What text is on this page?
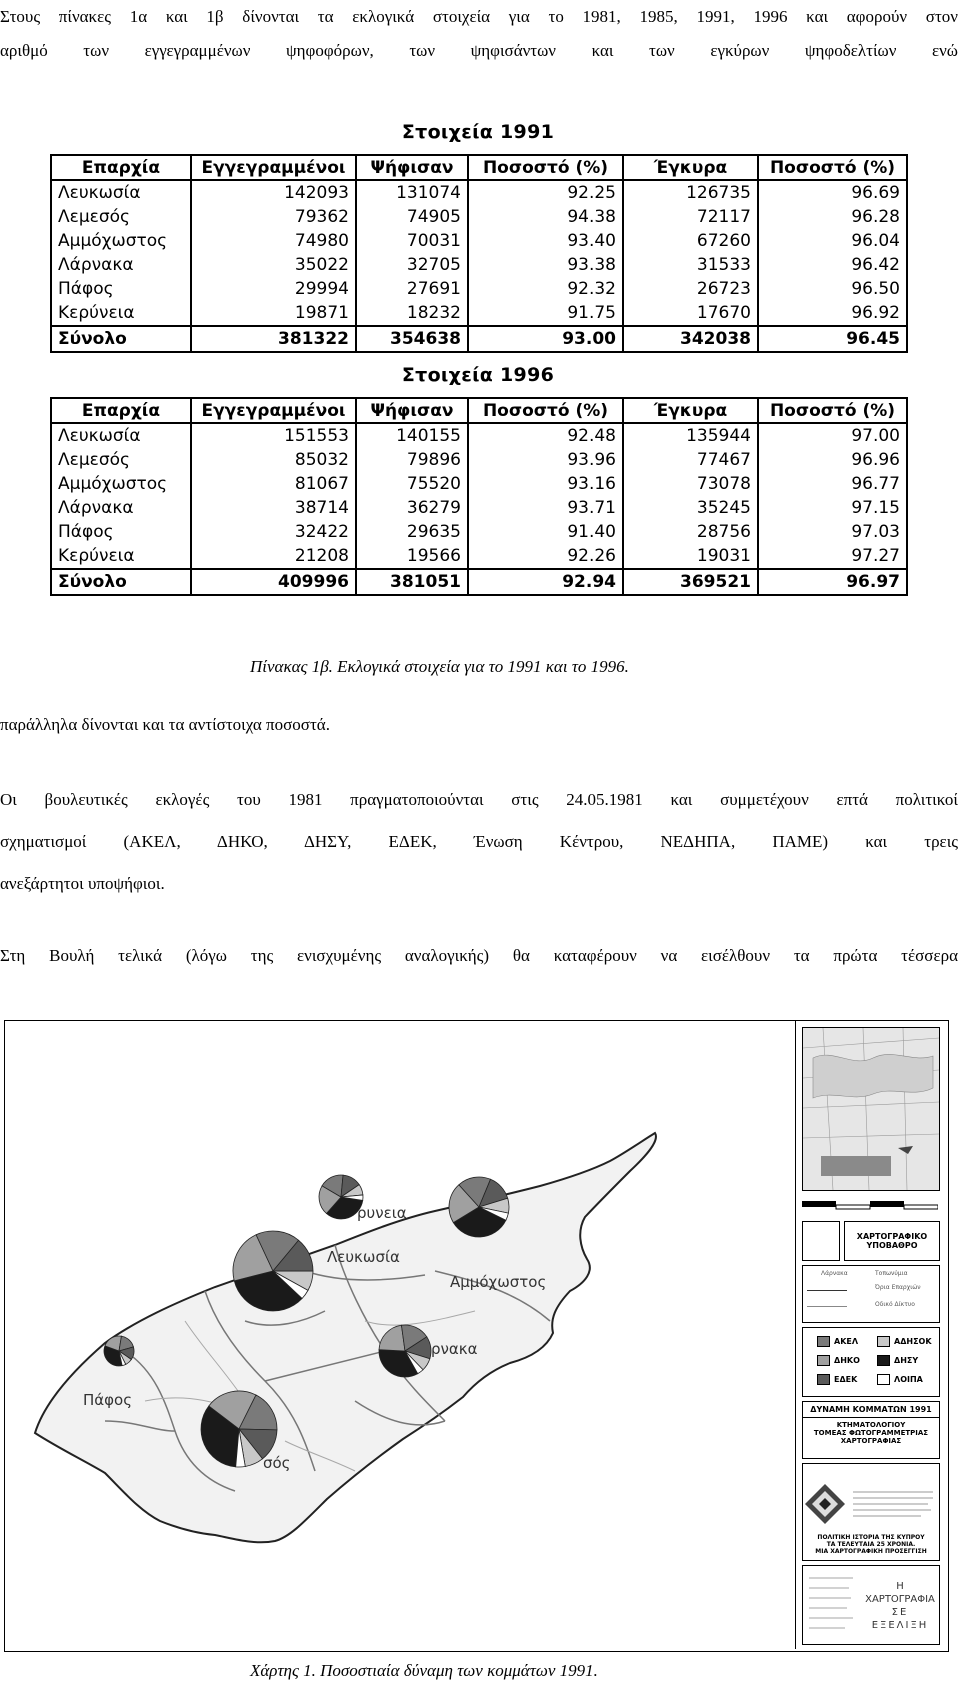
Στους πίνακες 1α και 1β δίνονται τα εκλογικά στοιχεία για το 1981, 1985, 1991, 1996 και αφορούν στον

αριθμό των εγγεγραμμένων ψηφοφόρων, των ψηφισάντων και των εγκύρων ψηφοδελτίων ενώ

Στοιχεία 1991
Επαρχία	Εγγεγραμμένοι	Ψήφισαν	Ποσοστό (%)	Έγκυρα	Ποσοστό (%)
Λευκωσία	142093	131074	92.25	126735	96.69
Λεμεσός	79362	74905	94.38	72117	96.28
Αμμόχωστος	74980	70031	93.40	67260	96.04
Λάρνακα	35022	32705	93.38	31533	96.42
Πάφος	29994	27691	92.32	26723	96.50
Κερύνεια	19871	18232	91.75	17670	96.92
Σύνολο	381322	354638	93.00	342038	96.45
Στοιχεία 1996
Επαρχία	Εγγεγραμμένοι	Ψήφισαν	Ποσοστό (%)	Έγκυρα	Ποσοστό (%)
Λευκωσία	151553	140155	92.48	135944	97.00
Λεμεσός	85032	79896	93.96	77467	96.96
Αμμόχωστος	81067	75520	93.16	73078	96.77
Λάρνακα	38714	36279	93.71	35245	97.15
Πάφος	32422	29635	91.40	28756	97.03
Κερύνεια	21208	19566	92.26	19031	97.27
Σύνολο	409996	381051	92.94	369521	96.97
Πίνακας 1β. Εκλογικά στοιχεία για το 1991 και το 1996.

παράλληλα δίνονται και τα αντίστοιχα ποσοστά.

Οι βουλευτικές εκλογές του 1981 πραγματοποιούνται στις 24.05.1981 και συμμετέχουν επτά πολιτικοί

σχηματισμοί (ΑΚΕΛ, ΔΗΚΟ, ΔΗΣΥ, ΕΔΕΚ, Ένωση Κέντρου, ΝΕΔΗΠΑ, ΠΑΜΕ) και τρεις

ανεξάρτητοι υποψήφιοι.

Στη Βουλή τελικά (λόγω της ενισχυμένης αναλογικής) θα καταφέρουν να εισέλθουν τα πρώτα τέσσερα

ρυνεια
Λευκωσία
Αμμόχωστος
ρνακα
Πάφος
σός
ΧΑΡΤΟΓΡΑΦΙΚΟ ΥΠΟΒΑΘΡΟ
Λάρνακα	Τοπωνύμια
Όρια Επαρχιών
Οδικό Δίκτυο
ΑΚΕΛ	ΑΔΗΣΟΚ
ΔΗΚΟ	ΔΗΣΥ
ΕΔΕΚ	ΛΟΙΠΑ
ΔΥΝΑΜΗ ΚΟΜΜΑΤΩΝ 1991
ΚΤΗΜΑΤΟΛΟΓΙΟΥ
ΤΟΜΕΑΣ ΦΩΤΟΓΡΑΜΜΕΤΡΙΑΣ
ΧΑΡΤΟΓΡΑΦΙΑΣ
ΠΟΛΙΤΙΚΗ ΙΣΤΟΡΙΑ ΤΗΣ ΚΥΠΡΟΥ
ΤΑ ΤΕΛΕΥΤΑΙΑ 25 ΧΡΟΝΙΑ.
ΜΙΑ ΧΑΡΤΟΓΡΑΦΙΚΗ ΠΡΟΣΕΓΓΙΣΗ
Η ΧΑΡΤΟΓΡΑΦΙΑ
ΣΕ ΕΞΕΛΙΞΗ
Χάρτης 1. Ποσοστιαία δύναμη των κομμάτων 1991.
